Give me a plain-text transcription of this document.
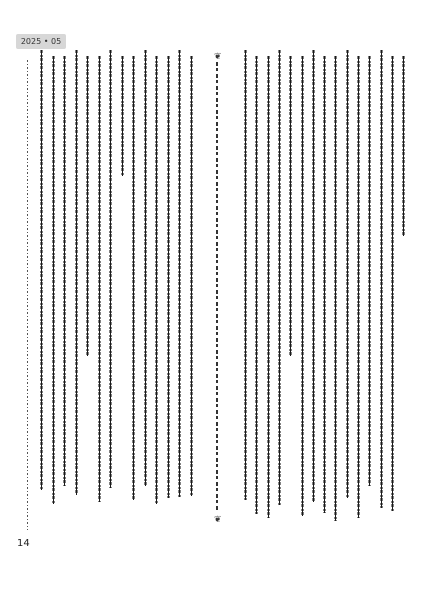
2025 • 05
❦
❦
14
